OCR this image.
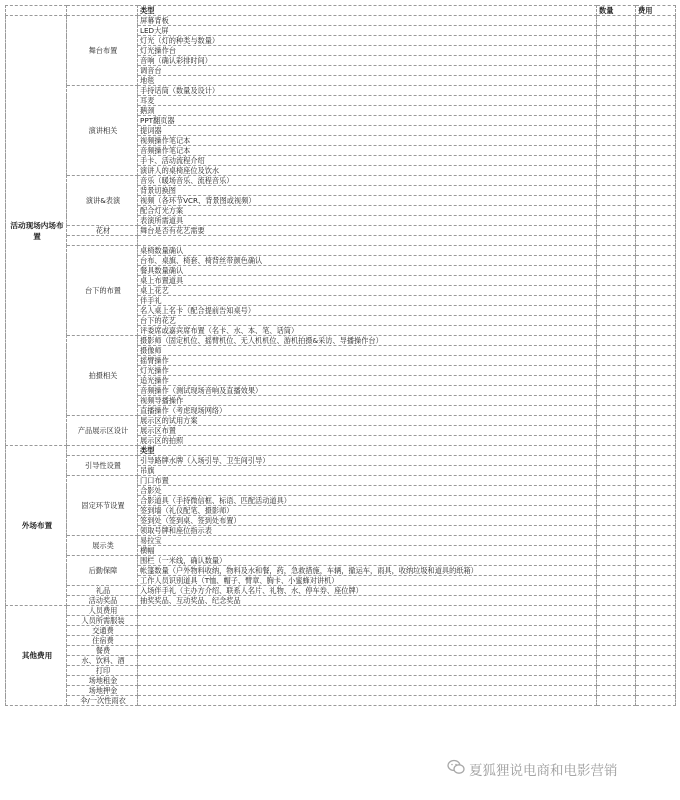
		类型	数量	费用
活动现场内场布置	舞台布置	屏幕背板		
		LED大屏		
		灯光（灯的种类与数量）		
		灯光操作台		
		音响（确认彩排时间）		
		调音台		
		地毯		
	演讲相关	手持话筒（数量及设计）		
		耳麦		
		鹅颈		
		PPT翻页器		
		提词器		
		视频操作笔记本		
		音频操作笔记本		
		手卡、活动流程介绍		
		演讲人的桌椅座位及饮水		
	演讲&表演	音乐（暖场音乐、流程音乐）		
		背景切换图		
		视频（各环节VCR、背景图或视频）		
		配合灯光方案		
		表演所需道具		
	花材	舞台是否有花艺需要		

	台下的布置	桌椅数量确认		
		台布、桌旗、椅套、椅背丝带颜色确认		
		餐具数量确认		
		桌上布置道具		
		桌上花艺		
		伴手礼		
		名人桌上名卡（配合提前告知桌号）		
		台下的花艺		
		评委席或嘉宾席布置（名卡、水、本、笔、话筒）		
	拍摄相关	摄影师（固定机位、摇臂机位、无人机机位、游机拍摄&采访、导播操作台）		
		摄像师		
		摇臂操作		
		灯光操作		
		追光操作		
		音频操作（测试现场音响及直播效果）		
		视频导播操作		
		直播操作（考虑现场网络）		
	产品展示区设计	展示区的试用方案		
		展示区布置		
		展示区的拍照		
外场布置		类型		
	引导性设置	引导路牌水牌（入场引导、卫生间引导）		
		吊旗		
	固定环节设置	门口布置		
		合影处		
		合影道具（手持微信框、标语、匹配活动道具）		
		签到墙（礼仪配笔、摄影师）		
		签到处（签到桌、签到处布置）		
		领取号牌和座位指示表		
	展示类	易拉宝		
		横幅		
	后勤保障	围栏（一米线，确认数量）		
		帐篷数量（户外物料收纳，物料及水和餐，药，急救措施，车辆，撤运车，雨具，收纳垃圾和道具的纸箱）		
		工作人员识别道具（T恤、帽子、臂章、胸卡、小蜜蜂对讲机）		
	礼品	入场伴手礼（主办方介绍、联系人名片、礼物、水、停车券、座位牌）		
	活动奖品	抽奖奖品、互动奖品、纪念奖品		
其他费用	人员费用			
	人员所需服装			
	交通费			
	住宿费			
	餐费			
	水、饮料、酒			
	打印			
	场地租金			
	场地押金			
	伞/一次性雨衣			
夏狐狸说电商和电影营销
